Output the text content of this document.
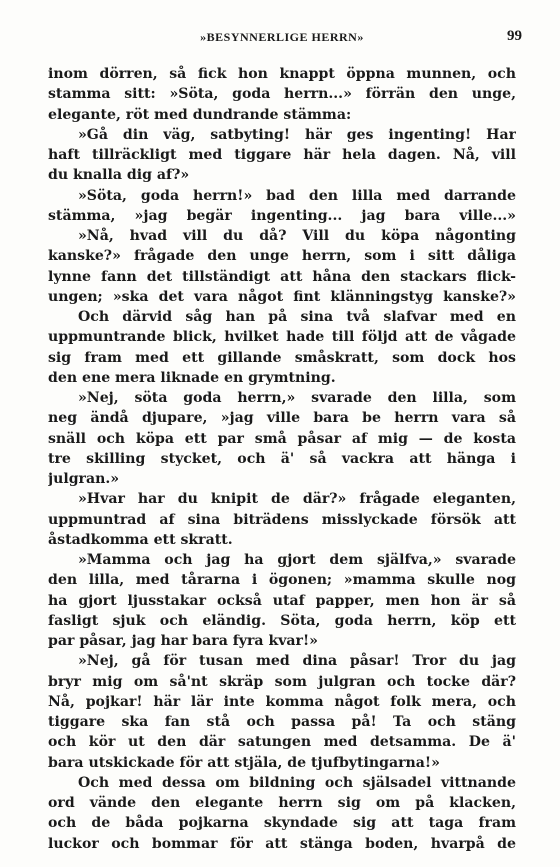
»BESYNNERLIGE HERRN»	99
inom dörren, så fick hon knappt öppna munnen, och
stamma sitt: »Söta, goda herrn...» förrän den unge,
elegante, röt med dundrande stämma:
»Gå din väg, satbyting! här ges ingenting! Har
haft tillräckligt med tiggare här hela dagen. Nå, vill
du knalla dig af?»
»Söta, goda herrn!» bad den lilla med darrande
stämma, »jag begär ingenting... jag bara ville...»
»Nå, hvad vill du då? Vill du köpa någonting
kanske?» frågade den unge herrn, som i sitt dåliga
lynne fann det tillständigt att håna den stackars flick-
ungen; »ska det vara något fint klänningstyg kanske?»
Och därvid såg han på sina två slafvar med en
uppmuntrande blick, hvilket hade till följd att de vågade
sig fram med ett gillande småskratt, som dock hos
den ene mera liknade en grymtning.
»Nej, söta goda herrn,» svarade den lilla, som
neg ändå djupare, »jag ville bara be herrn vara så
snäll och köpa ett par små påsar af mig — de kosta
tre skilling stycket, och ä' så vackra att hänga i
julgran.»
»Hvar har du knipit de där?» frågade eleganten,
uppmuntrad af sina biträdens misslyckade försök att
åstadkomma ett skratt.
»Mamma och jag ha gjort dem själfva,» svarade
den lilla, med tårarna i ögonen; »mamma skulle nog
ha gjort ljusstakar också utaf papper, men hon är så
fasligt sjuk och eländig. Söta, goda herrn, köp ett
par påsar, jag har bara fyra kvar!»
»Nej, gå för tusan med dina påsar! Tror du jag
bryr mig om så'nt skräp som julgran och tocke där?
Nå, pojkar! här lär inte komma något folk mera, och
tiggare ska fan stå och passa på! Ta och stäng
och kör ut den där satungen med detsamma. De ä'
bara utskickade för att stjäla, de tjufbytingarna!»
Och med dessa om bildning och själsadel vittnande
ord vände den elegante herrn sig om på klacken,
och de båda pojkarna skyndade sig att taga fram
luckor och bommar för att stänga boden, hvarpå de
